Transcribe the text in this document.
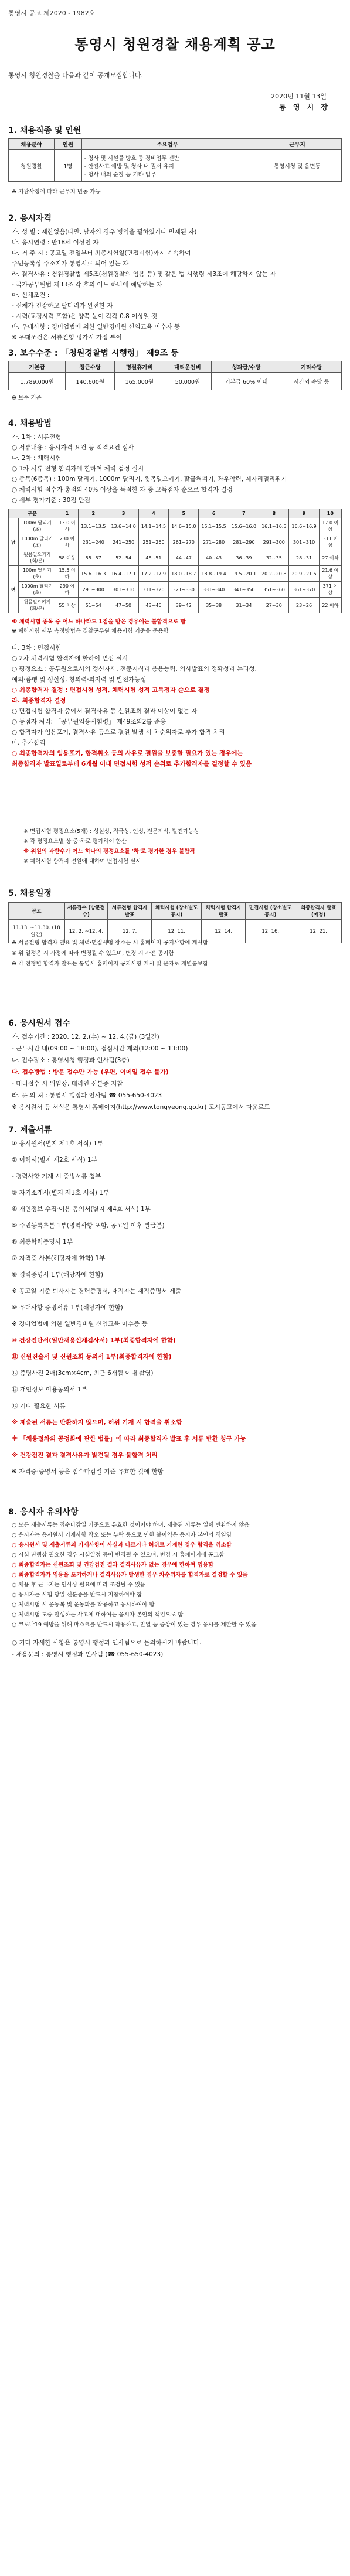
통영시 공고 제2020 - 1982호
통영시 청원경찰 채용계획 공고
통영시 청원경찰을 다음과 같이 공개모집합니다.
2020년 11월 13일
통 영 시 장
1. 채용직종 및 인원
채용분야	인원	주요업무	근무지
청원경찰	1명	- 청사 및 시설물 방호 등 경비업무 전반
- 안전사고 예방 및 청사 내 질서 유지
- 청사 내외 순찰 등 기타 업무	통영시청 및 읍면동
※ 기관사정에 따라 근무지 변동 가능
2. 응시자격
가. 성 별 : 제한없음(다만, 남자의 경우 병역을 필하였거나 면제된 자)
나. 응시연령 : 만18세 이상인 자
다. 거 주 지 : 공고일 전일부터 최종시험일(면접시험)까지 계속하여
주민등록상 주소지가 통영시로 되어 있는 자
라. 결격사유 : 청원경찰법 제5조(청원경찰의 임용 등) 및 같은 법 시행령 제3조에 해당하지 않는 자
- 국가공무원법 제33조 각 호의 어느 하나에 해당하는 자
마. 신체조건 :
- 신체가 건강하고 팔다리가 완전한 자
- 시력(교정시력 포함)은 양쪽 눈이 각각 0.8 이상일 것
바. 우대사항 : 경비업법에 의한 일반경비원 신임교육 이수자 등
※ 우대조건은 서류전형 평가시 가점 부여
3. 보수수준 : 「청원경찰법 시행령」 제9조 등
기본급	정근수당	명절휴가비	대리운전비	성과급/수당	기타수당
1,789,000원	140,600원	165,000원	50,000원	기본급 60% 이내	시간외 수당 등
※ 보수 기준
4. 채용방법
가. 1차 : 서류전형
○ 서류내용 : 응시자격 요건 등 적격요건 심사
나. 2차 : 체력시험
○ 1차 서류 전형 합격자에 한하여 체력 검정 실시
○ 종목(6종목) : 100m 달리기, 1000m 달리기, 윗몸일으키기, 팔굽혀펴기, 좌우악력, 제자리멀리뛰기
○ 체력시험 점수가 총점의 40% 이상을 득점한 자 중 고득점자 순으로 합격자 결정
○ 세부 평가기준 : 30점 만점
구분		1	2	3	4	5	6	7	8	9	10
남	100m 달리기(초)	13.0 이하	13.1~13.5	13.6~14.0	14.1~14.5	14.6~15.0	15.1~15.5	15.6~16.0	16.1~16.5	16.6~16.9	17.0 이상
	1000m 달리기(초)	230 이하	231~240	241~250	251~260	261~270	271~280	281~290	291~300	301~310	311 이상
	윗몸일으키기(회/분)	58 이상	55~57	52~54	48~51	44~47	40~43	36~39	32~35	28~31	27 이하
여	100m 달리기(초)	15.5 이하	15.6~16.3	16.4~17.1	17.2~17.9	18.0~18.7	18.8~19.4	19.5~20.1	20.2~20.8	20.9~21.5	21.6 이상
	1000m 달리기(초)	290 이하	291~300	301~310	311~320	321~330	331~340	341~350	351~360	361~370	371 이상
	윗몸일으키기(회/분)	55 이상	51~54	47~50	43~46	39~42	35~38	31~34	27~30	23~26	22 이하
※ 체력시험 종목 중 어느 하나라도 1점을 받은 경우에는 불합격으로 함
※ 체력시험 세부 측정방법은 경찰공무원 채용시험 기준을 준용함
다. 3차 : 면접시험
○ 2차 체력시험 합격자에 한하여 면접 실시
○ 평정요소 : 공무원으로서의 정신자세, 전문지식과 응용능력, 의사발표의 정확성과 논리성,
예의·품행 및 성실성, 창의력·의지력 및 발전가능성
○ 최종합격자 결정 : 면접시험 성적, 체력시험 성적 고득점자 순으로 결정
라. 최종합격자 결정
○ 면접시험 합격자 중에서 결격사유 등 신원조회 결과 이상이 없는 자
○ 동점자 처리: 「공무원임용시험령」 제49조의2를 준용
○ 합격자가 임용포기, 결격사유 등으로 결원 발생 시 차순위자로 추가 합격 처리
마. 추가합격
○ 최종합격자의 임용포기, 합격취소 등의 사유로 결원을 보충할 필요가 있는 경우에는
최종합격자 발표일로부터 6개월 이내 면접시험 성적 순위로 추가합격자를 결정할 수 있음
※ 면접시험 평정요소(5개) : 성실성, 적극성, 인성, 전문지식, 발전가능성
※ 각 평정요소별 상·중·하로 평가하여 합산
※ 위원의 과반수가 어느 하나의 평정요소를 '하'로 평가한 경우 불합격
※ 체력시험 합격자 전원에 대하여 면접시험 실시
5. 채용일정
공고	서류접수 (방문접수)	서류전형 합격자 발표	체력시험 (장소별도공지)	체력시험 합격자 발표	면접시험 (장소별도공지)	최종합격자 발표(예정)
11.13. ~11.30. (18일간)	12. 2. ~12. 4.	12. 7.	12. 11.	12. 14.	12. 16.	12. 21.
※ 서류전형 합격자 발표 및 체력·면접시험 장소는 시 홈페이지 공지사항에 게시함
※ 위 일정은 시 사정에 따라 변경될 수 있으며, 변경 시 사전 공지함
※ 각 전형별 합격자 발표는 통영시 홈페이지 공지사항 게시 및 문자로 개별통보함
6. 응시원서 접수
가. 접수기간 : 2020. 12. 2.(수) ~ 12. 4.(금) (3일간)
- 근무시간 내(09:00 ~ 18:00), 점심시간 제외(12:00 ~ 13:00)
나. 접수장소 : 통영시청 행정과 인사팀(3층)
다. 접수방법 : 방문 접수만 가능 (우편, 이메일 접수 불가)
- 대리접수 시 위임장, 대리인 신분증 지참
라. 문 의 처 : 통영시 행정과 인사팀 ☎ 055-650-4023
※ 응시원서 등 서식은 통영시 홈페이지(http://www.tongyeong.go.kr) 고시공고에서 다운로드
7. 제출서류
① 응시원서(별지 제1호 서식) 1부
② 이력서(별지 제2호 서식) 1부
- 경력사항 기재 시 증빙서류 첨부
③ 자기소개서(별지 제3호 서식) 1부
④ 개인정보 수집·이용 동의서(별지 제4호 서식) 1부
⑤ 주민등록초본 1부(병역사항 포함, 공고일 이후 발급분)
⑥ 최종학력증명서 1부
⑦ 자격증 사본(해당자에 한함) 1부
⑧ 경력증명서 1부(해당자에 한함)
※ 공고일 기준 퇴사자는 경력증명서, 재직자는 재직증명서 제출
⑨ 우대사항 증빙서류 1부(해당자에 한함)
※ 경비업법에 의한 일반경비원 신임교육 이수증 등
⑩ 건강진단서(일반채용신체검사서) 1부(최종합격자에 한함)
⑪ 신원진술서 및 신원조회 동의서 1부(최종합격자에 한함)
⑫ 증명사진 2매(3cm×4cm, 최근 6개월 이내 촬영)
⑬ 개인정보 이용동의서 1부
⑭ 기타 필요한 서류
※ 제출된 서류는 반환하지 않으며, 허위 기재 시 합격을 취소함
※ 「채용절차의 공정화에 관한 법률」에 따라 최종합격자 발표 후 서류 반환 청구 가능
※ 건강검진 결과 결격사유가 발견될 경우 불합격 처리
※ 자격증·증명서 등은 접수마감일 기준 유효한 것에 한함
8. 응시자 유의사항
○ 모든 제출서류는 접수마감일 기준으로 유효한 것이어야 하며, 제출된 서류는 일체 반환하지 않음
○ 응시자는 응시원서 기재사항 착오 또는 누락 등으로 인한 불이익은 응시자 본인의 책임임
○ 응시원서 및 제출서류의 기재사항이 사실과 다르거나 허위로 기재한 경우 합격을 취소함
○ 시험 진행상 필요한 경우 시험일정 등이 변경될 수 있으며, 변경 시 홈페이지에 공고함
○ 최종합격자는 신원조회 및 건강검진 결과 결격사유가 없는 경우에 한하여 임용함
○ 최종합격자가 임용을 포기하거나 결격사유가 발생한 경우 차순위자를 합격자로 결정할 수 있음
○ 채용 후 근무지는 인사상 필요에 따라 조정될 수 있음
○ 응시자는 시험 당일 신분증을 반드시 지참하여야 함
○ 체력시험 시 운동복 및 운동화를 착용하고 응시하여야 함
○ 체력시험 도중 발생하는 사고에 대하여는 응시자 본인의 책임으로 함
○ 코로나19 예방을 위해 마스크를 반드시 착용하고, 발열 등 증상이 있는 경우 응시를 제한할 수 있음
○ 기타 자세한 사항은 통영시 행정과 인사팀으로 문의하시기 바랍니다.
- 채용문의 : 통영시 행정과 인사팀 (☎ 055-650-4023)
